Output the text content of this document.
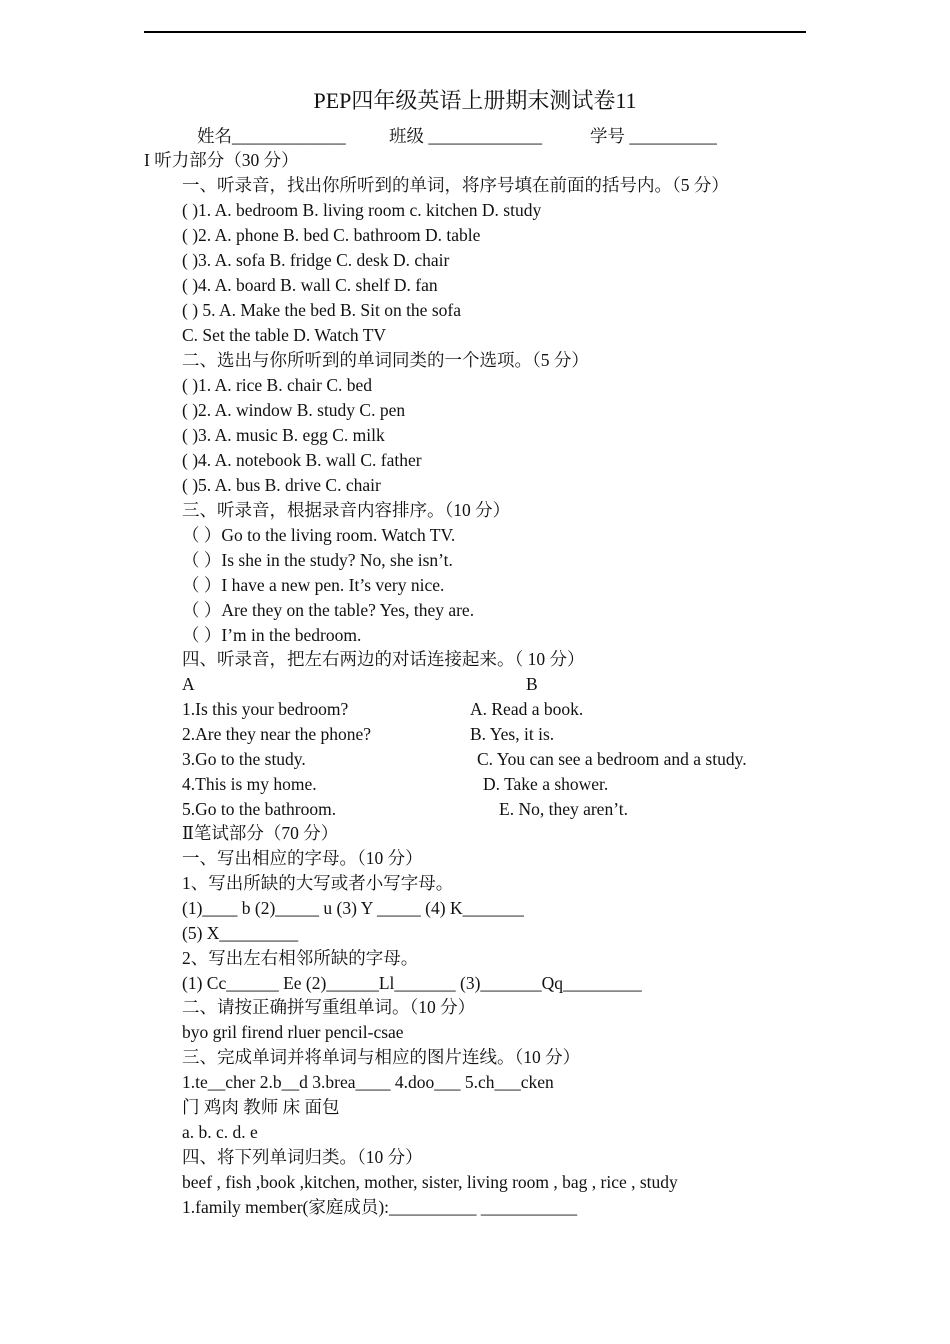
PEP四年级英语上册期末测试卷11
姓名_____________ 班级 _____________	学号 __________
I 听力部分（30 分）
一、听录音，找出你所听到的单词，将序号填在前面的括号内。（5 分）
( )1. A. bedroom B. living room c. kitchen D. study
( )2. A. phone B. bed C. bathroom D. table
( )3. A. sofa B. fridge C. desk D. chair
( )4. A. board B. wall C. shelf D. fan
( ) 5. A. Make the bed B. Sit on the sofa
C. Set the table D. Watch TV
二、选出与你所听到的单词同类的一个选项。（5 分）
( )1. A. rice B. chair C. bed
( )2. A. window B. study C. pen
( )3. A. music B. egg C. milk
( )4. A. notebook B. wall C. father
( )5. A. bus B. drive C. chair
三、听录音，根据录音内容排序。（10 分）
（ ）Go to the living room. Watch TV.
（ ）Is she in the study? No, she isn’t.
（ ）I have a new pen. It’s very nice.
（ ）Are they on the table? Yes, they are.
（ ）I’m in the bedroom.
四、听录音，把左右两边的对话连接起来。（ 10 分）
A	B
1.Is this your bedroom?	A. Read a book.
2.Are they near the phone?	B. Yes, it is.
3.Go to the study.	C. You can see a bedroom and a study.
4.This is my home.	D. Take a shower.
5.Go to the bathroom.	E. No, they aren’t.
Ⅱ笔试部分（70 分）
一、写出相应的字母。（10 分）
1、写出所缺的大写或者小写字母。
(1)____ b (2)_____ u (3) Y _____ (4) K_______
(5) X_________
2、写出左右相邻所缺的字母。
(1) Cc______ Ee (2)______Ll_______ (3)_______Qq_________
二、请按正确拼写重组单词。（10 分）
byo gril firend rluer pencil-csae
三、完成单词并将单词与相应的图片连线。（10 分）
1.te__cher 2.b__d 3.brea____ 4.doo___ 5.ch___cken
门 鸡肉 教师 床 面包
a. b. c. d. e
四、将下列单词归类。（10 分）
beef , fish ,book ,kitchen, mother, sister, living room , bag , rice , study
1.family member(家庭成员):__________ ___________
